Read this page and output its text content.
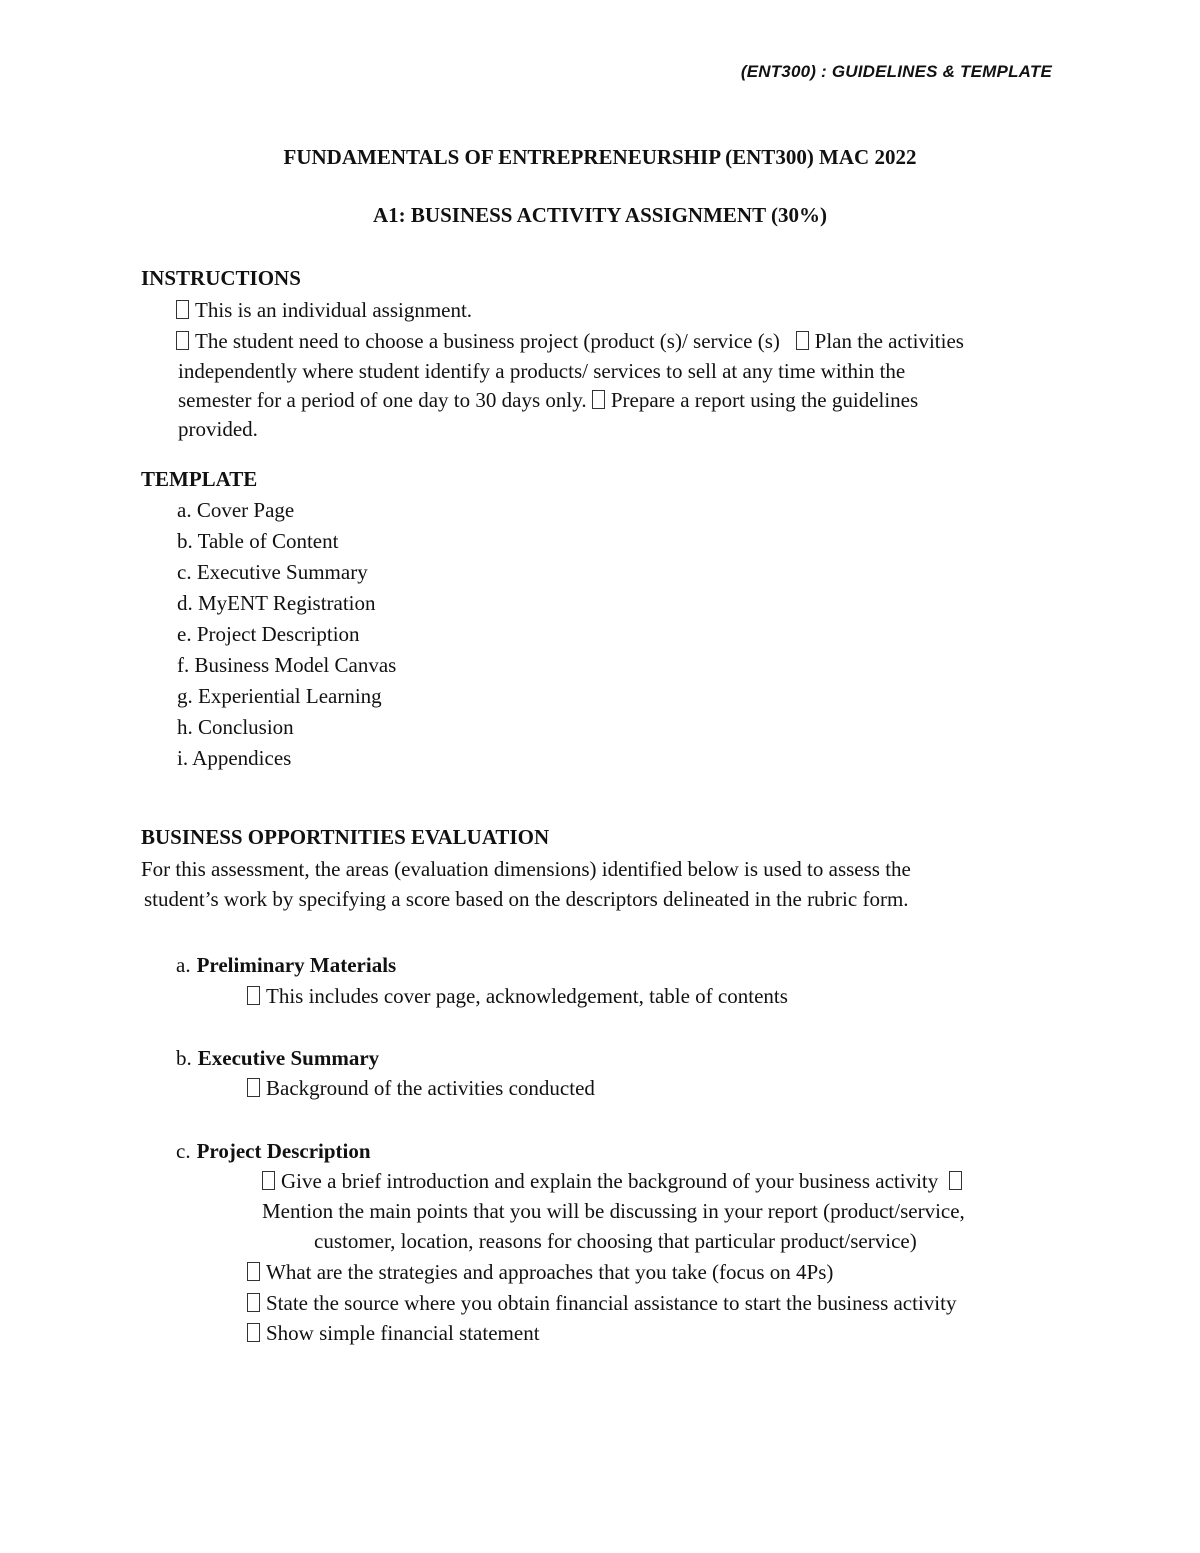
(ENT300) : GUIDELINES & TEMPLATE
FUNDAMENTALS OF ENTREPRENEURSHIP (ENT300) MAC 2022
A1: BUSINESS ACTIVITY ASSIGNMENT (30%)
INSTRUCTIONS
This is an individual assignment.
The student need to choose a business project (product (s)/ service (s) Plan the activities
independently where student identify a products/ services to sell at any time within the
semester for a period of one day to 30 days only. Prepare a report using the guidelines
provided.
TEMPLATE
a. Cover Page
b. Table of Content
c. Executive Summary
d. MyENT Registration
e. Project Description
f. Business Model Canvas
g. Experiential Learning
h. Conclusion
i. Appendices
BUSINESS OPPORTNITIES EVALUATION
For this assessment, the areas (evaluation dimensions) identified below is used to assess the
student’s work by specifying a score based on the descriptors delineated in the rubric form.
a. Preliminary Materials
This includes cover page, acknowledgement, table of contents
b. Executive Summary
Background of the activities conducted
c. Project Description
Give a brief introduction and explain the background of your business activity
Mention the main points that you will be discussing in your report (product/service,
customer, location, reasons for choosing that particular product/service)
What are the strategies and approaches that you take (focus on 4Ps)
State the source where you obtain financial assistance to start the business activity
Show simple financial statement
